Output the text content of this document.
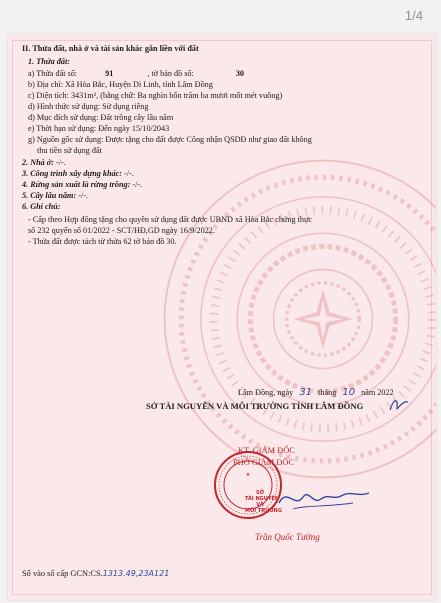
1/4
II. Thửa đất, nhà ở và tài sản khác gắn liền với đất
1. Thửa đất:
a) Thửa đất số:	91	, tờ bản đồ số:	30
b) Địa chỉ: Xã Hòa Bắc, Huyện Di Linh, tỉnh Lâm Đồng
c) Diện tích: 3431m², (bằng chữ: Ba nghìn bốn trăm ba mươi mốt mét vuông)
d) Hình thức sử dụng: Sử dụng riêng
đ) Mục đích sử dụng: Đất trồng cây lâu năm
e) Thời hạn sử dụng: Đến ngày 15/10/2043
g) Nguồn gốc sử dụng: Được tặng cho đất được Công nhận QSDĐ như giao đất không
thu tiền sử dụng đất
2. Nhà ở: -/-.
3. Công trình xây dựng khác: -/-.
4. Rừng sản xuất là rừng trồng: -/-.
5. Cây lâu năm: -/-.
6. Ghi chú:
- Cấp theo Hợp đồng tặng cho quyền sử dụng đất được UBND xã Hòa Bắc chứng thực
số 232 quyển số 01/2022 - SCT/HĐ,GD ngày 16/9/2022.
- Thửa đất được tách từ thửa 62 tờ bản đồ 30.
Lâm Đồng, ngày 31 tháng 10 năm 2022
SỞ TÀI NGUYÊN VÀ MÔI TRƯỜNG TỈNH LÂM ĐỒNG
KT. GIÁM ĐỐC
PHÓ GIÁM ĐỐC
★
SỞ
TÀI NGUYÊN
VÀ
MÔI TRƯỜNG
Trần Quốc Tường
Số vào sổ cấp GCN:CS.1313.49,23A121
